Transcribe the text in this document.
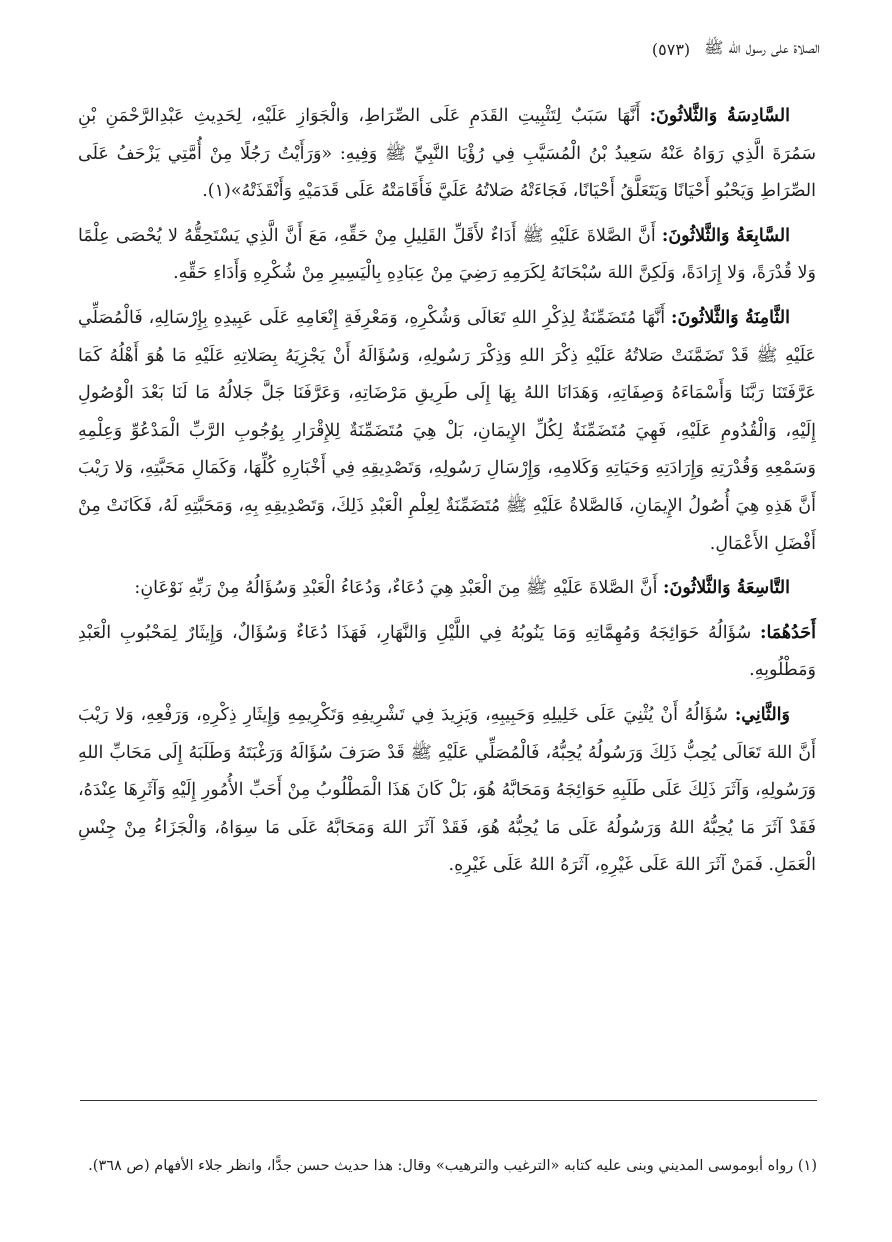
الصلاة على رسول الله ﷺ
(٥٧٣)

السَّادِسَةُ وَالثَّلاثُونَ: أَنَّهَا سَبَبٌ لِتَثْبِيتِ القَدَمِ عَلَى الصِّرَاطِ، وَالْجَوَازِ عَلَيْهِ، لِحَدِيثِ عَبْدِالرَّحْمَنِ بْنِ سَمُرَةَ الَّذِي رَوَاهُ عَنْهُ سَعِيدُ بْنُ الْمُسَيَّبِ فِي رُؤْيَا النَّبِيِّ ﷺ وَفِيهِ: «وَرَأَيْتُ رَجُلًا مِنْ أُمَّتِي يَزْحَفُ عَلَى الصِّرَاطِ وَيَحْبُو أَحْيَانًا وَيَتَعَلَّقُ أَحْيَانًا، فَجَاءَتْهُ صَلاتُهُ عَلَيَّ فَأَقَامَتْهُ عَلَى قَدَمَيْهِ وَأَنْقَذَتْهُ»(١).

السَّابِعَةُ وَالثَّلاثُونَ: أَنَّ الصَّلاةَ عَلَيْهِ ﷺ أَدَاءٌ لأَقَلِّ القَلِيلِ مِنْ حَقِّهِ، مَعَ أَنَّ الَّذِي يَسْتَحِقُّهُ لا يُحْصَى عِلْمًا وَلا قُدْرَةً، وَلا إِرَادَةً، وَلَكِنَّ اللهَ سُبْحَانَهُ لِكَرَمِهِ رَضِيَ مِنْ عِبَادِهِ بِالْيَسِيرِ مِنْ شُكْرِهِ وَأَدَاءِ حَقِّهِ.

الثَّامِنَةُ وَالثَّلاثُونَ: أَنَّهَا مُتَضَمِّنَةٌ لِذِكْرِ اللهِ تَعَالَى وَشُكْرِهِ، وَمَعْرِفَةِ إِنْعَامِهِ عَلَى عَبِيدِهِ بِإِرْسَالِهِ، فَالْمُصَلِّي عَلَيْهِ ﷺ قَدْ تَضَمَّنَتْ صَلاتُهُ عَلَيْهِ ذِكْرَ اللهِ وَذِكْرَ رَسُولِهِ، وَسُؤَالَهُ أَنْ يَجْزِيَهُ بِصَلاتِهِ عَلَيْهِ مَا هُوَ أَهْلُهُ كَمَا عَرَّفَتَنَا رَبَّنَا وَأَسْمَاءَهُ وَصِفَاتِهِ، وَهَدَانَا اللهُ بِهَا إِلَى طَرِيقِ مَرْضَاتِهِ، وَعَرَّفَنَا جَلَّ جَلالُهُ مَا لَنَا بَعْدَ الْوُصُولِ إِلَيْهِ، وَالْقُدُومِ عَلَيْهِ، فَهِيَ مُتَضَمِّنَةٌ لِكُلِّ الإِيمَانِ، بَلْ هِيَ مُتَضَمِّنَةٌ لِلإِقْرَارِ بِوُجُوبِ الرَّبِّ الْمَدْعُوِّ وَعِلْمِهِ وَسَمْعِهِ وَقُدْرَتِهِ وَإِرَادَتِهِ وَحَيَاتِهِ وَكَلامِهِ، وَإِرْسَالِ رَسُولِهِ، وَتَصْدِيقِهِ فِي أَخْبَارِهِ كُلِّهَا، وَكَمَالِ مَحَبَّتِهِ، وَلا رَيْبَ أَنَّ هَذِهِ هِيَ أُصُولُ الإِيمَانِ، فَالصَّلاةُ عَلَيْهِ ﷺ مُتَضَمِّنَةٌ لِعِلْمِ الْعَبْدِ ذَلِكَ، وَتَصْدِيقِهِ بِهِ، وَمَحَبَّتِهِ لَهُ، فَكَانَتْ مِنْ أَفْضَلِ الأَعْمَالِ.

التَّاسِعَةُ وَالثَّلاثُونَ: أَنَّ الصَّلاةَ عَلَيْهِ ﷺ مِنَ الْعَبْدِ هِيَ دُعَاءٌ، وَدُعَاءُ الْعَبْدِ وَسُؤَالُهُ مِنْ رَبِّهِ نَوْعَانِ:

أَحَدُهُمَا: سُؤَالُهُ حَوَائِجَهُ وَمُهِمَّاتِهِ وَمَا يَنُوبُهُ فِي اللَّيْلِ وَالنَّهَارِ، فَهَذَا دُعَاءٌ وَسُؤَالٌ، وَإِيثَارٌ لِمَحْبُوبِ الْعَبْدِ وَمَطْلُوبِهِ.

وَالثَّانِي: سُؤَالُهُ أَنْ يُثْنِيَ عَلَى خَلِيلِهِ وَحَبِيبِهِ، وَيَزِيدَ فِي تَشْرِيفِهِ وَتَكْرِيمِهِ وَإِيثَارِ ذِكْرِهِ، وَرَفْعِهِ، وَلا رَيْبَ أَنَّ اللهَ تَعَالَى يُحِبُّ ذَلِكَ وَرَسُولُهُ يُحِبُّهُ، فَالْمُصَلِّي عَلَيْهِ ﷺ قَدْ صَرَفَ سُؤَالَهُ وَرَغْبَتَهُ وَطَلَبَهُ إِلَى مَحَابِّ اللهِ وَرَسُولِهِ، وَآثَرَ ذَلِكَ عَلَى طَلَبِهِ حَوَائِجَهُ وَمَحَابَّهُ هُوَ، بَلْ كَانَ هَذَا الْمَطْلُوبُ مِنْ أَحَبِّ الأُمُورِ إِلَيْهِ وَآثَرِهَا عِنْدَهُ، فَقَدْ آثَرَ مَا يُحِبُّهُ اللهُ وَرَسُولُهُ عَلَى مَا يُحِبُّهُ هُوَ، فَقَدْ آثَرَ اللهَ وَمَحَابَّهُ عَلَى مَا سِوَاهُ، وَالْجَزَاءُ مِنْ جِنْسِ الْعَمَلِ. فَمَنْ آثَرَ اللهَ عَلَى غَيْرِهِ، آثَرَهُ اللهُ عَلَى غَيْرِهِ.

(١) رواه أبوموسى المديني وبنى عليه كتابه «الترغيب والترهيب» وقال: هذا حديث حسن جدًّا، وانظر جلاء الأفهام (ص ٣٦٨).
